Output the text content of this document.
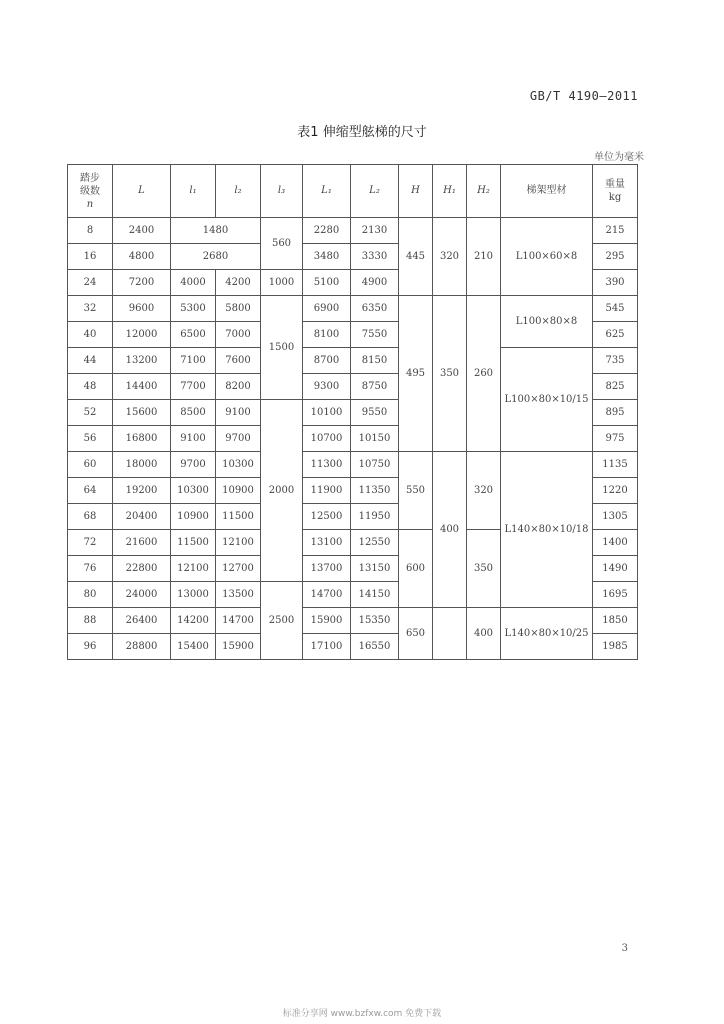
GB/T 4190—2011
表1 伸缩型舷梯的尺寸
单位为毫米
踏步
级数
n	L	l₁	l₂	l₃	L₁	L₂	H	H₁	H₂	梯架型材	重量
kg

8	2400	1480		560	2280	2130	445	320	210	L100×60×8	215
16	4800	2680			3480	3330					295
24	7200	4000	4200	1000	5100	4900					390
32	9600	5300	5800	1500	6900	6350	495	350	260	L100×80×8	545
40	12000	6500	7000		8100	7550					625
44	13200	7100	7600		8700	8150				L100×80×10/15	735
48	14400	7700	8200		9300	8750					825
52	15600	8500	9100	2000	10100	9550					895
56	16800	9100	9700		10700	10150					975
60	18000	9700	10300		11300	10750	550	400	320	L140×80×10/18	1135
64	19200	10300	10900		11900	11350					1220
68	20400	10900	11500		12500	11950					1305
72	21600	11500	12100		13100	12550	600		350		1400
76	22800	12100	12700		13700	13150					1490
80	24000	13000	13500	2500	14700	14150					1695
88	26400	14200	14700		15900	15350	650		400	L140×80×10/25	1850
96	28800	15400	15900		17100	16550					1985
3
标准分享网 www.bzfxw.com 免费下载
